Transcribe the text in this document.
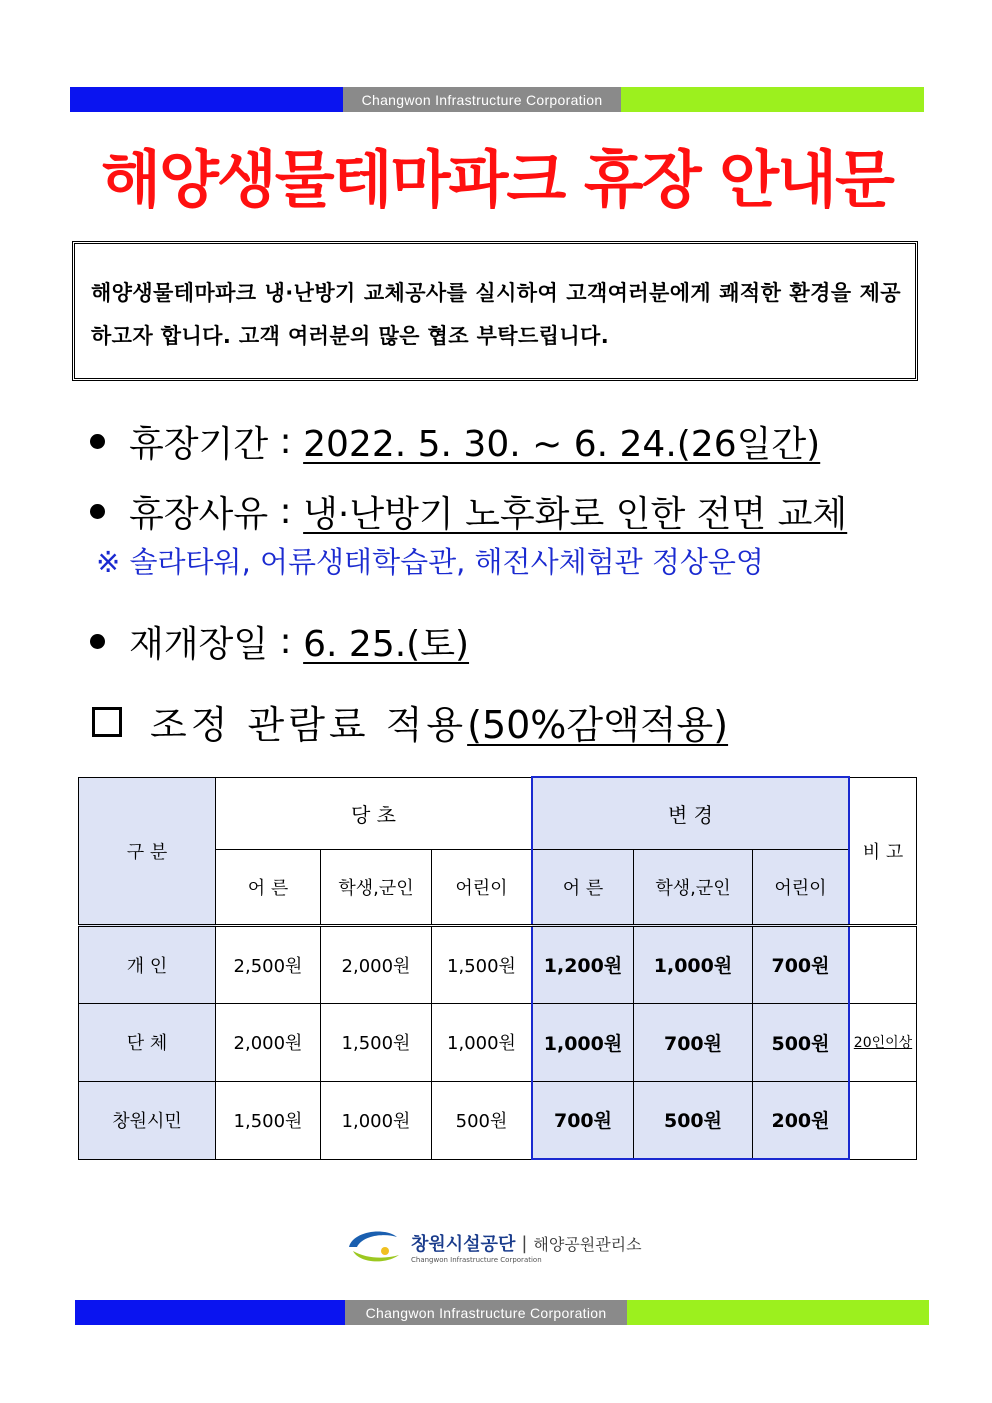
Changwon Infrastructure Corporation
해양생물테마파크 휴장 안내문
해양생물테마파크 냉·난방기 교체공사를 실시하여 고객여러분에게 쾌적한 환경을 제공하고자 합니다. 고객 여러분의 많은 협조 부탁드립니다.
휴장기간 : 2022. 5. 30. ~ 6. 24.(26일간)
휴장사유 : 냉·난방기 노후화로 인한 전면 교체
※ 솔라타워, 어류생태학습관, 해전사체험관 정상운영
재개장일 : 6. 25.(토)
조정 관람료 적용 (50%감액적용)
구 분	당 초			변 경			비 고
	어 른	학생,군인	어린이	어 른	학생,군인	어린이	
개 인	2,500원	2,000원	1,500원	1,200원	1,000원	700원	
단 체	2,000원	1,500원	1,000원	1,000원	700원	500원	20인이상
창원시민	1,500원	1,000원	500원	700원	500원	200원	
창원시설공단 | 해양공원관리소
Changwon Infrastructure Corporation
Changwon Infrastructure Corporation
